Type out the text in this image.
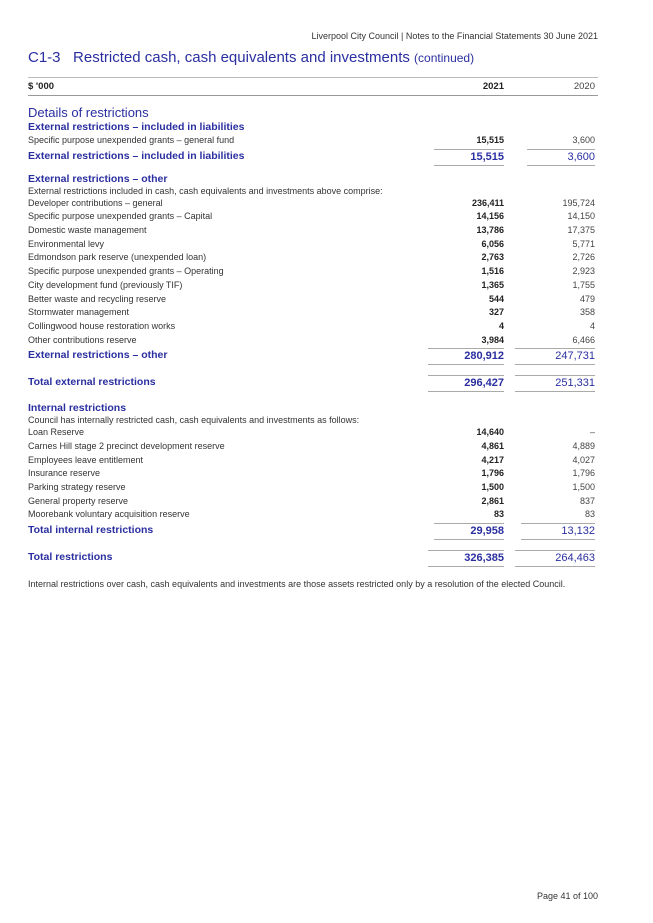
Liverpool City Council | Notes to the Financial Statements 30 June 2021
C1-3 Restricted cash, cash equivalents and investments (continued)
$ '000	2021	2020
Details of restrictions
External restrictions – included in liabilities
Specific purpose unexpended grants – general fund	15,515	3,600
External restrictions – included in liabilities	15,515	3,600
External restrictions – other
External restrictions included in cash, cash equivalents and investments above comprise:
Developer contributions – general	236,411	195,724
Specific purpose unexpended grants – Capital	14,156	14,150
Domestic waste management	13,786	17,375
Environmental levy	6,056	5,771
Edmondson park reserve (unexpended loan)	2,763	2,726
Specific purpose unexpended grants – Operating	1,516	2,923
City development fund (previously TIF)	1,365	1,755
Better waste and recycling reserve	544	479
Stormwater management	327	358
Collingwood house restoration works	4	4
Other contributions reserve	3,984	6,466
External restrictions – other	280,912	247,731
Total external restrictions	296,427	251,331
Internal restrictions
Council has internally restricted cash, cash equivalents and investments as follows:
Loan Reserve	14,640	–
Carnes Hill stage 2 precinct development reserve	4,861	4,889
Employees leave entitlement	4,217	4,027
Insurance reserve	1,796	1,796
Parking strategy reserve	1,500	1,500
General property reserve	2,861	837
Moorebank voluntary acquisition reserve	83	83
Total internal restrictions	29,958	13,132
Total restrictions	326,385	264,463
Internal restrictions over cash, cash equivalents and investments are those assets restricted only by a resolution of the elected Council.
Page 41 of 100
